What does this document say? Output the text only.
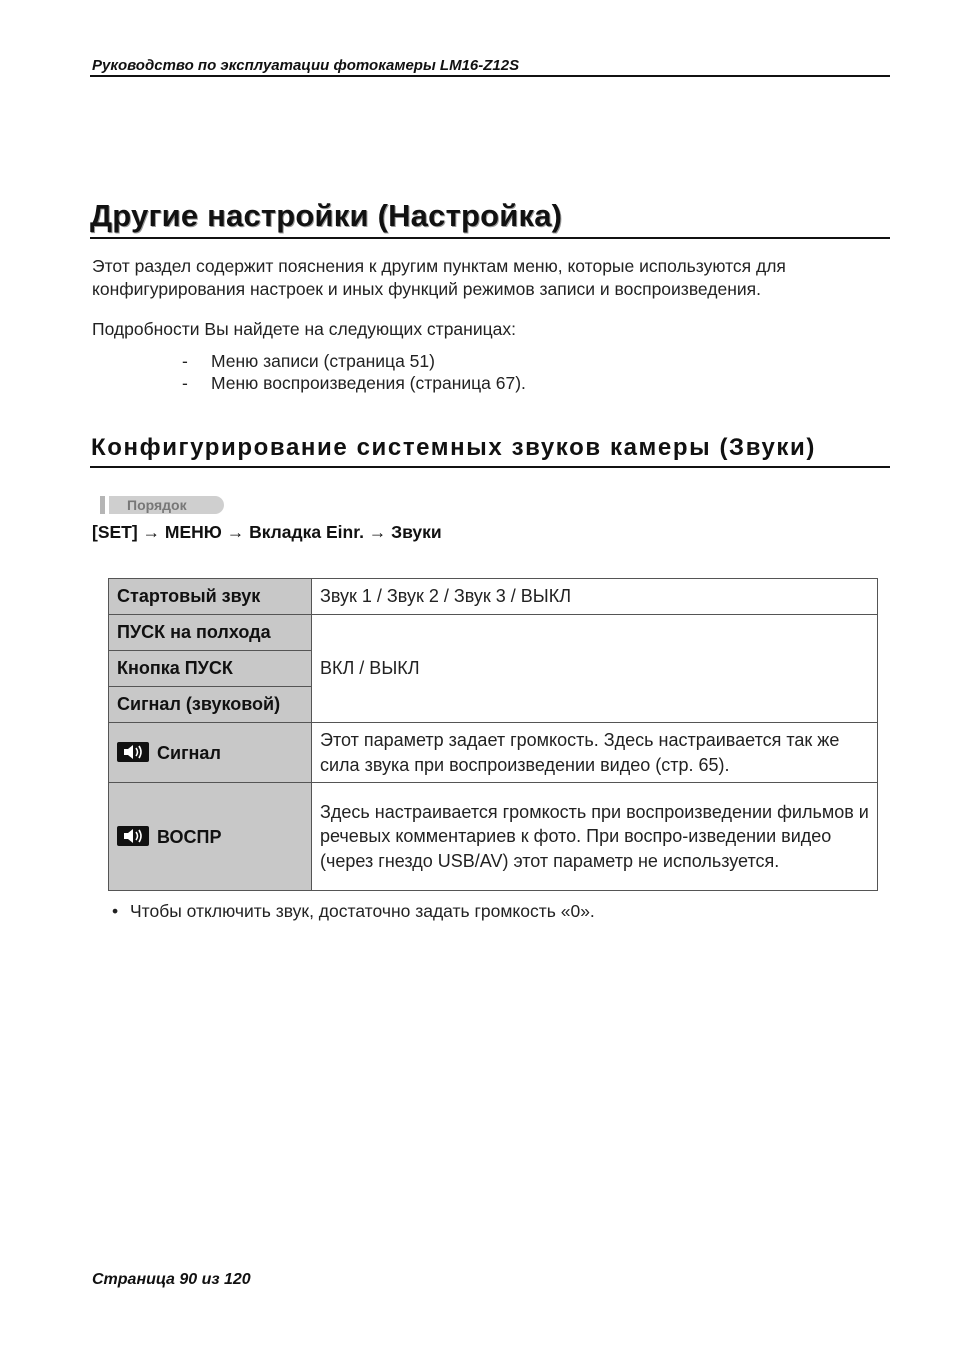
Руководство по эксплуатации фотокамеры LM16-Z12S
Другие настройки (Настройка)
Этот раздел содержит пояснения к другим пунктам меню, которые используются для конфигурирования настроек и иных функций режимов записи и воспроизведения.
Подробности Вы найдете на следующих страницах:
- Меню записи (страница 51)
- Меню воспроизведения (страница 67).
Конфигурирование системных звуков камеры (Звуки)
Порядок
[SET] → МЕНЮ → Вкладка Einr. → Звуки
Стартовый звук	Звук 1 / Звук 2 / Звук 3 / ВЫКЛ
ПУСК на полхода	ВКЛ / ВЫКЛ
Кнопка ПУСК	
Сигнал (звуковой)	

Сигнал	Этот параметр задает громкость. Здесь настраивается так же сила звука при воспроизведении видео (стр. 65).

ВОСПР	Здесь настраивается громкость при воспроизведении фильмов и речевых комментариев к фото. При воспро-изведении видео (через гнездо USB/AV) этот параметр не используется.
• Чтобы отключить звук, достаточно задать громкость «0».
Страница 90 из 120
